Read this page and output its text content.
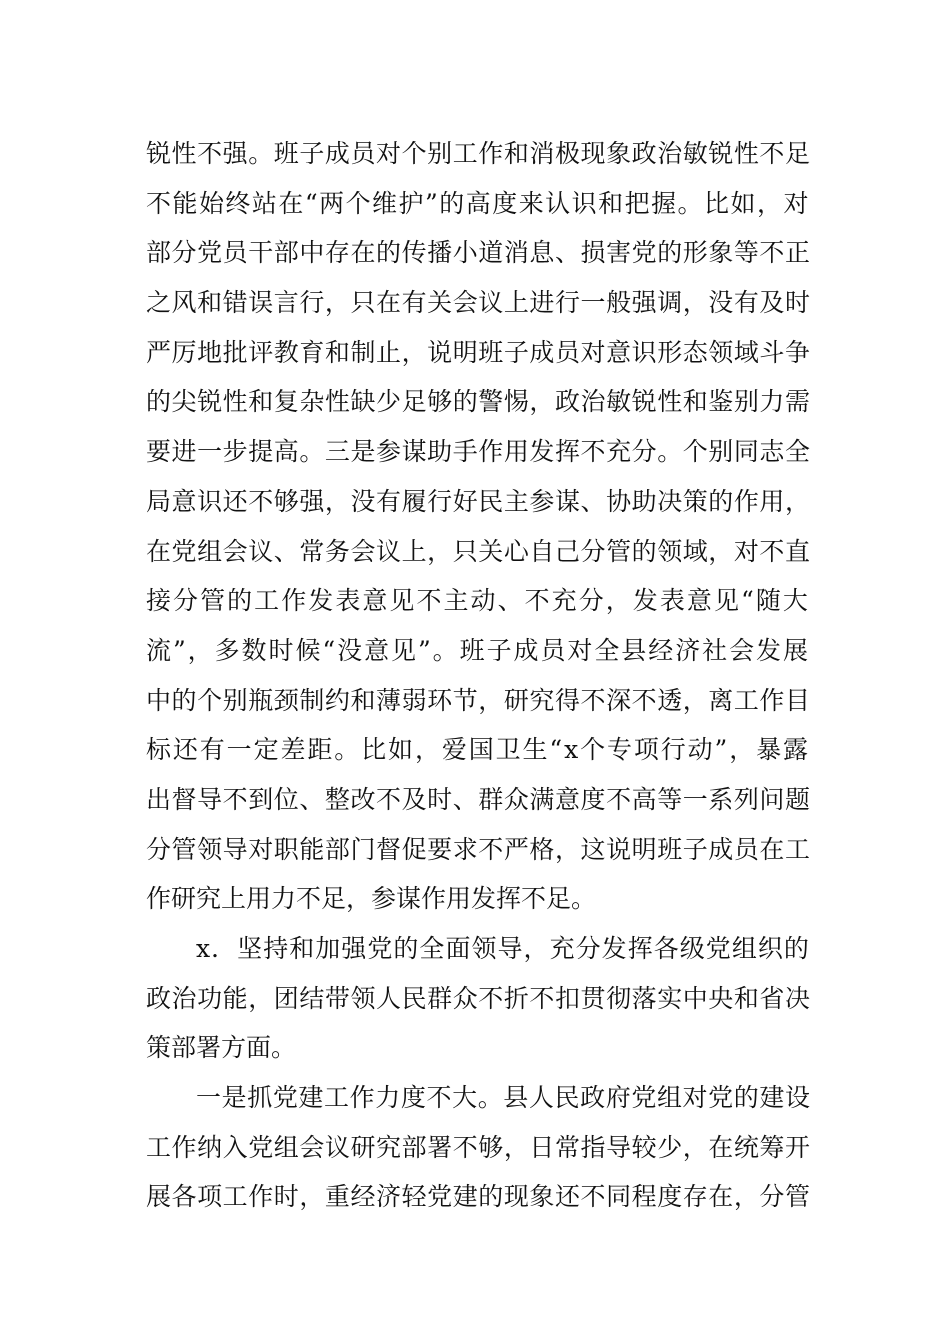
锐性不强。班子成员对个别工作和消极现象政治敏锐性不足
不能始终站在“两个维护”的高度来认识和把握。比如，对
部分党员干部中存在的传播小道消息、损害党的形象等不正
之风和错误言行，只在有关会议上进行一般强调，没有及时
严厉地批评教育和制止，说明班子成员对意识形态领域斗争
的尖锐性和复杂性缺少足够的警惕，政治敏锐性和鉴别力需
要进一步提高。三是参谋助手作用发挥不充分。个别同志全
局意识还不够强，没有履行好民主参谋、协助决策的作用，
在党组会议、常务会议上，只关心自己分管的领域，对不直
接分管的工作发表意见不主动、不充分，发表意见“随大
流”，多数时候“没意见”。班子成员对全县经济社会发展
中的个别瓶颈制约和薄弱环节，研究得不深不透，离工作目
标还有一定差距。比如，爱国卫生“x个专项行动”，暴露
出督导不到位、整改不及时、群众满意度不高等一系列问题
分管领导对职能部门督促要求不严格，这说明班子成员在工
作研究上用力不足，参谋作用发挥不足。
x．坚持和加强党的全面领导，充分发挥各级党组织的
政治功能，团结带领人民群众不折不扣贯彻落实中央和省决
策部署方面。
一是抓党建工作力度不大。县人民政府党组对党的建设
工作纳入党组会议研究部署不够，日常指导较少，在统筹开
展各项工作时，重经济轻党建的现象还不同程度存在，分管
